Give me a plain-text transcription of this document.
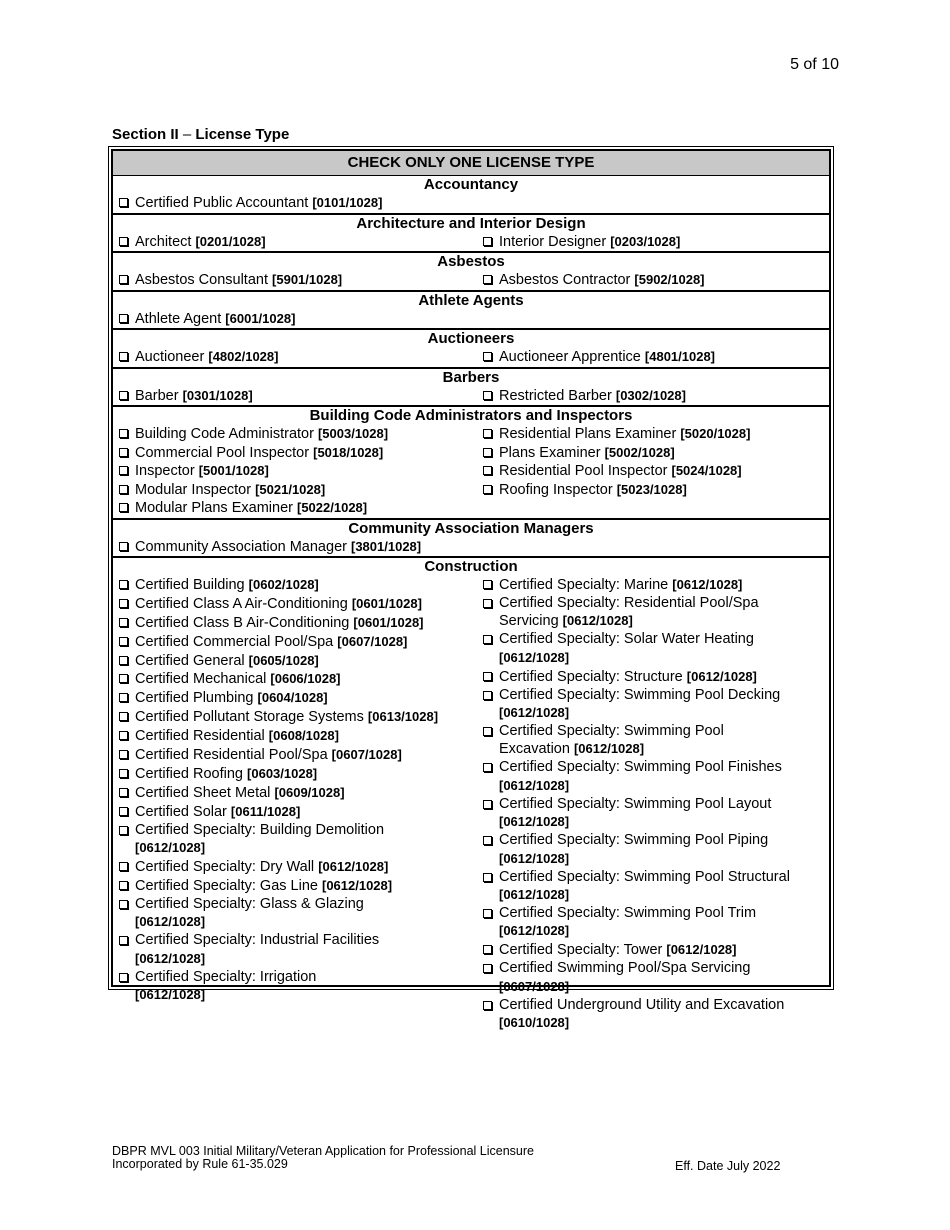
5 of 10
Section II – License Type
CHECK ONLY ONE LICENSE TYPE
Accountancy
Certified Public Accountant [0101/1028]
Architecture and Interior Design
Architect [0201/1028]	Interior Designer [0203/1028]
Asbestos
Asbestos Consultant [5901/1028]	Asbestos Contractor [5902/1028]
Athlete Agents
Athlete Agent [6001/1028]
Auctioneers
Auctioneer [4802/1028]	Auctioneer Apprentice [4801/1028]
Barbers
Barber [0301/1028]	Restricted Barber [0302/1028]
Building Code Administrators and Inspectors
Building Code Administrator [5003/1028]
Commercial Pool Inspector [5018/1028]
Inspector [5001/1028]
Modular Inspector [5021/1028]
Modular Plans Examiner [5022/1028]
Residential Plans Examiner [5020/1028]
Plans Examiner [5002/1028]
Residential Pool Inspector [5024/1028]
Roofing Inspector [5023/1028]
Community Association Managers
Community Association Manager [3801/1028]
Construction
Certified Building [0602/1028]
Certified Class A Air-Conditioning [0601/1028]
Certified Class B Air-Conditioning [0601/1028]
Certified Commercial Pool/Spa [0607/1028]
Certified General [0605/1028]
Certified Mechanical [0606/1028]
Certified Plumbing [0604/1028]
Certified Pollutant Storage Systems [0613/1028]
Certified Residential [0608/1028]
Certified Residential Pool/Spa [0607/1028]
Certified Roofing [0603/1028]
Certified Sheet Metal [0609/1028]
Certified Solar [0611/1028]
Certified Specialty: Building Demolition
[0612/1028]
Certified Specialty: Dry Wall [0612/1028]
Certified Specialty: Gas Line [0612/1028]
Certified Specialty: Glass & Glazing
[0612/1028]
Certified Specialty: Industrial Facilities
[0612/1028]
Certified Specialty: Irrigation
[0612/1028]
Certified Specialty: Marine [0612/1028]
Certified Specialty: Residential Pool/Spa
Servicing [0612/1028]
Certified Specialty: Solar Water Heating
[0612/1028]
Certified Specialty: Structure [0612/1028]
Certified Specialty: Swimming Pool Decking
[0612/1028]
Certified Specialty: Swimming Pool
Excavation [0612/1028]
Certified Specialty: Swimming Pool Finishes
[0612/1028]
Certified Specialty: Swimming Pool Layout
[0612/1028]
Certified Specialty: Swimming Pool Piping
[0612/1028]
Certified Specialty: Swimming Pool Structural
[0612/1028]
Certified Specialty: Swimming Pool Trim
[0612/1028]
Certified Specialty: Tower [0612/1028]
Certified Swimming Pool/Spa Servicing
[0607/1028]
Certified Underground Utility and Excavation
[0610/1028]
DBPR MVL 003 Initial Military/Veteran Application for Professional Licensure
Incorporated by Rule 61-35.029	Eff. Date July 2022
